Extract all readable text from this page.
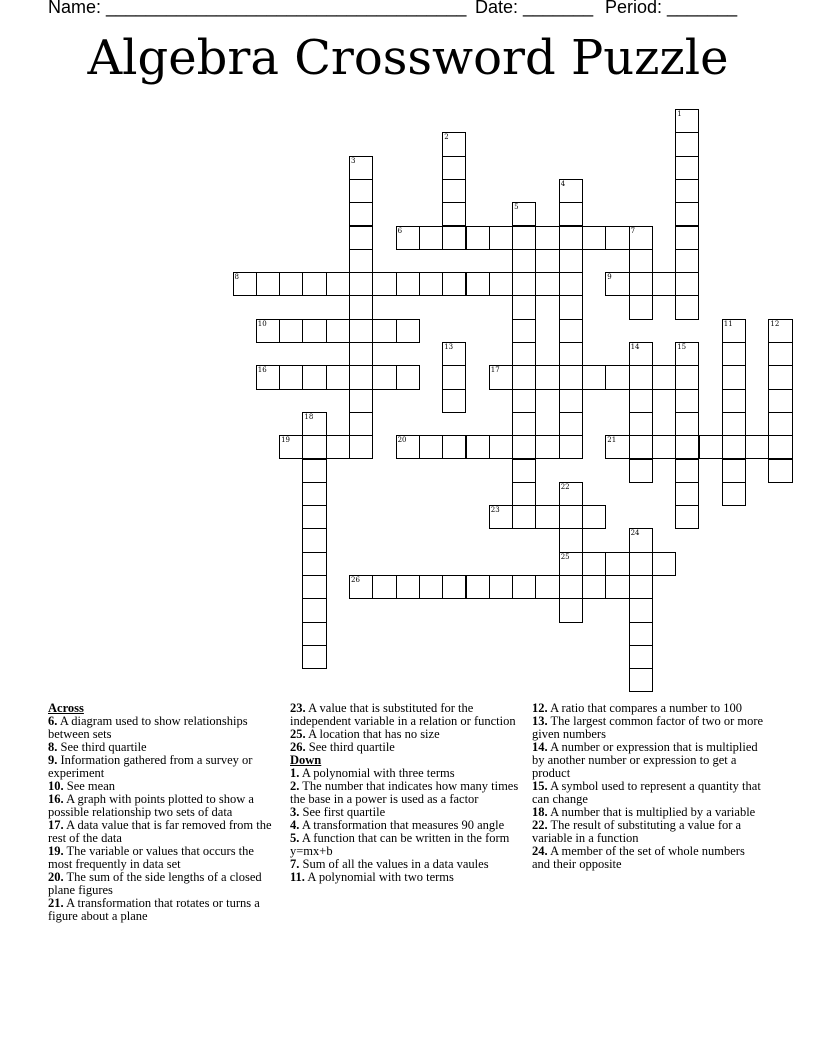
Name: ____________________________________ Date: _______ Period: _______
Algebra Crossword Puzzle
1
2
3
4
5
6	7
8	9
10	11	12
13	14	15
16	17
18
19	20	21
22
25
23
24
26

Across

6. A diagram used to show relationships between sets

8. See third quartile

9. Information gathered from a survey or experiment

10. See mean

16. A graph with points plotted to show a possible relationship two sets of data

17. A data value that is far removed from the rest of the data

19. The variable or values that occurs the most frequently in data set

20. The sum of the side lengths of a closed plane figures

21. A transformation that rotates or turns a figure about a plane

23. A value that is substituted for the independent variable in a relation or function

25. A location that has no size

26. See third quartile

Down

1. A polynomial with three terms

2. The number that indicates how many times the base in a power is used as a factor

3. See first quartile

4. A transformation that measures 90 angle

5. A function that can be written in the form y=mx+b

7. Sum of all the values in a data vaules

11. A polynomial with two terms

12. A ratio that compares a number to 100

13. The largest common factor of two or more given numbers

14. A number or expression that is multiplied by another number or expression to get a product

15. A symbol used to represent a quantity that can change

18. A number that is multiplied by a variable

22. The result of substituting a value for a variable in a function

24. A member of the set of whole numbers and their opposite
